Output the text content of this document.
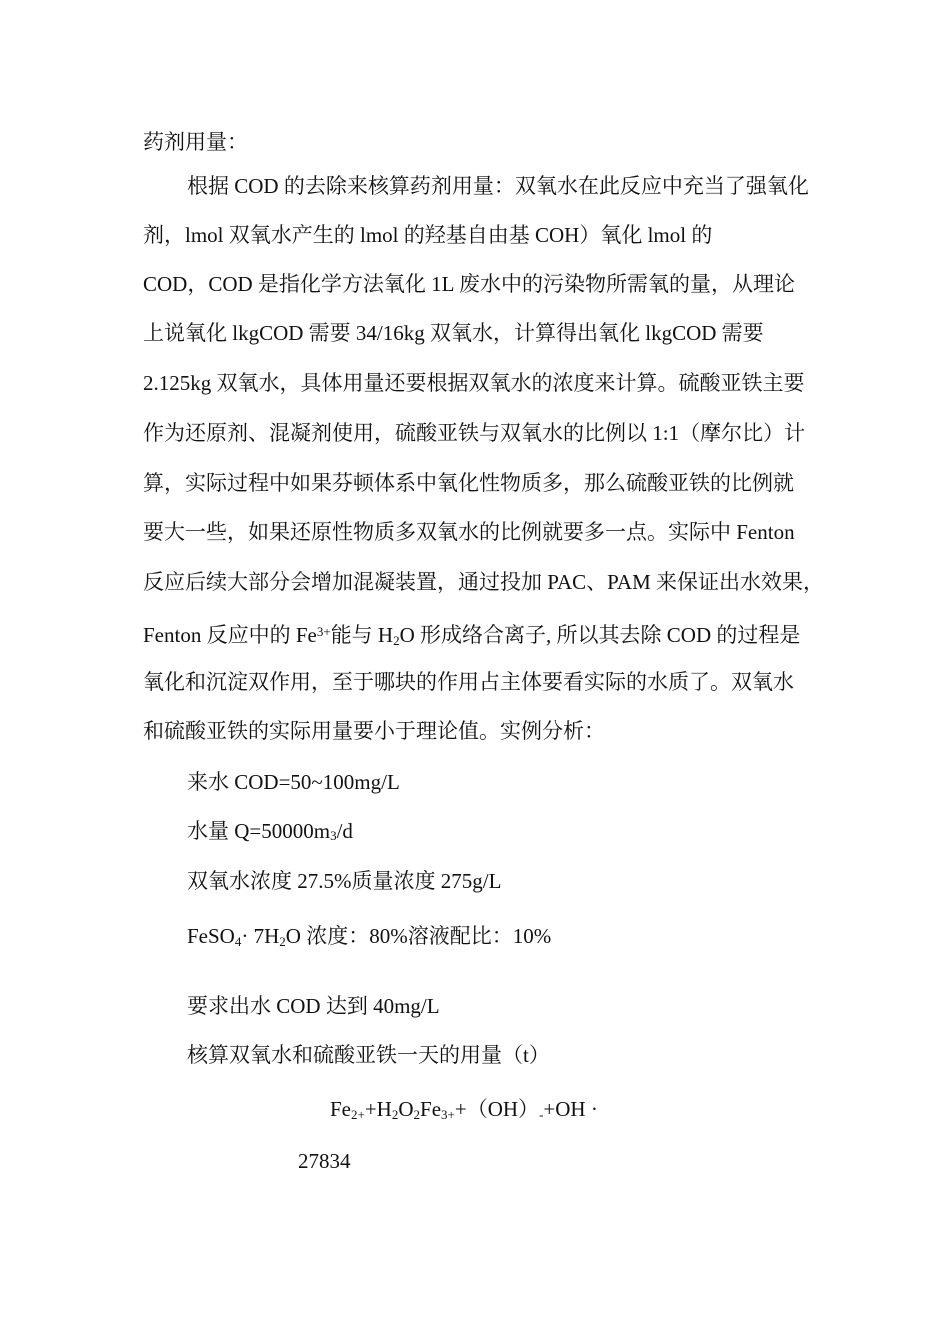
药剂用量：
根据 COD 的去除来核算药剂用量：双氧水在此反应中充当了强氧化
剂，lmol 双氧水产生的 lmol 的羟基自由基 COH）氧化 lmol 的
COD，COD 是指化学方法氧化 1L 废水中的污染物所需氧的量，从理论
上说氧化 lkgCOD 需要 34/16kg 双氧水，计算得出氧化 lkgCOD 需要
2.125kg 双氧水，具体用量还要根据双氧水的浓度来计算。硫酸亚铁主要
作为还原剂、混凝剂使用，硫酸亚铁与双氧水的比例以 1:1（摩尔比）计
算，实际过程中如果芬顿体系中氧化性物质多，那么硫酸亚铁的比例就
要大一些，如果还原性物质多双氧水的比例就要多一点。实际中 Fenton
反应后续大部分会增加混凝装置，通过投加 PAC、PAM 来保证出水效果，
Fenton 反应中的 $Fe^{3+}$能与 $H_2O$ 形成络合离子, 所以其去除 COD 的过程是
氧化和沉淀双作用，至于哪块的作用占主体要看实际的水质了。双氧水
和硫酸亚铁的实际用量要小于理论值。实例分析：
来水 COD=50~100mg/L
水量 Q=50000m3/d
双氧水浓度 27.5%质量浓度 275g/L
FeSO$_4$· $7H_2O$ 浓度：80%溶液配比：10%
要求出水 COD 达到 40mg/L
核算双氧水和硫酸亚铁一天的用量（t）
$Fe_{2+}+H_2O_2Fe_{3+}+(OH)_-+OH$ ·
27834
